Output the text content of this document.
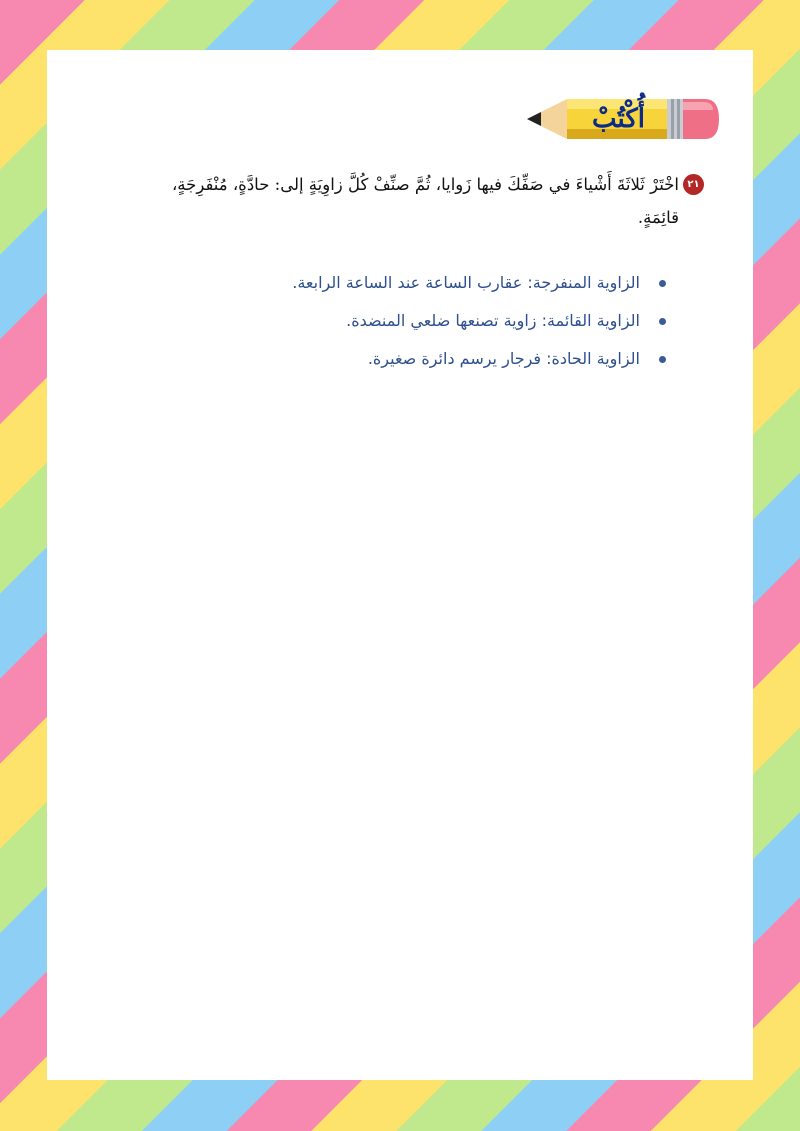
أُكْتُبْ
٢١
اخْتَرْ ثَلاثَةَ أَشْياءَ في صَفِّكَ فيها زَوايا، ثُمَّ صنِّفْ كُلَّ زاوِيَةٍ إلى: حادَّةٍ، مُنْفَرِجَةٍ، قائِمَةٍ.
الزاوية المنفرجة: عقارب الساعة عند الساعة الرابعة.
الزاوية القائمة: زاوية تصنعها ضلعي المنضدة.
الزاوية الحادة: فرجار يرسم دائرة صغيرة.
